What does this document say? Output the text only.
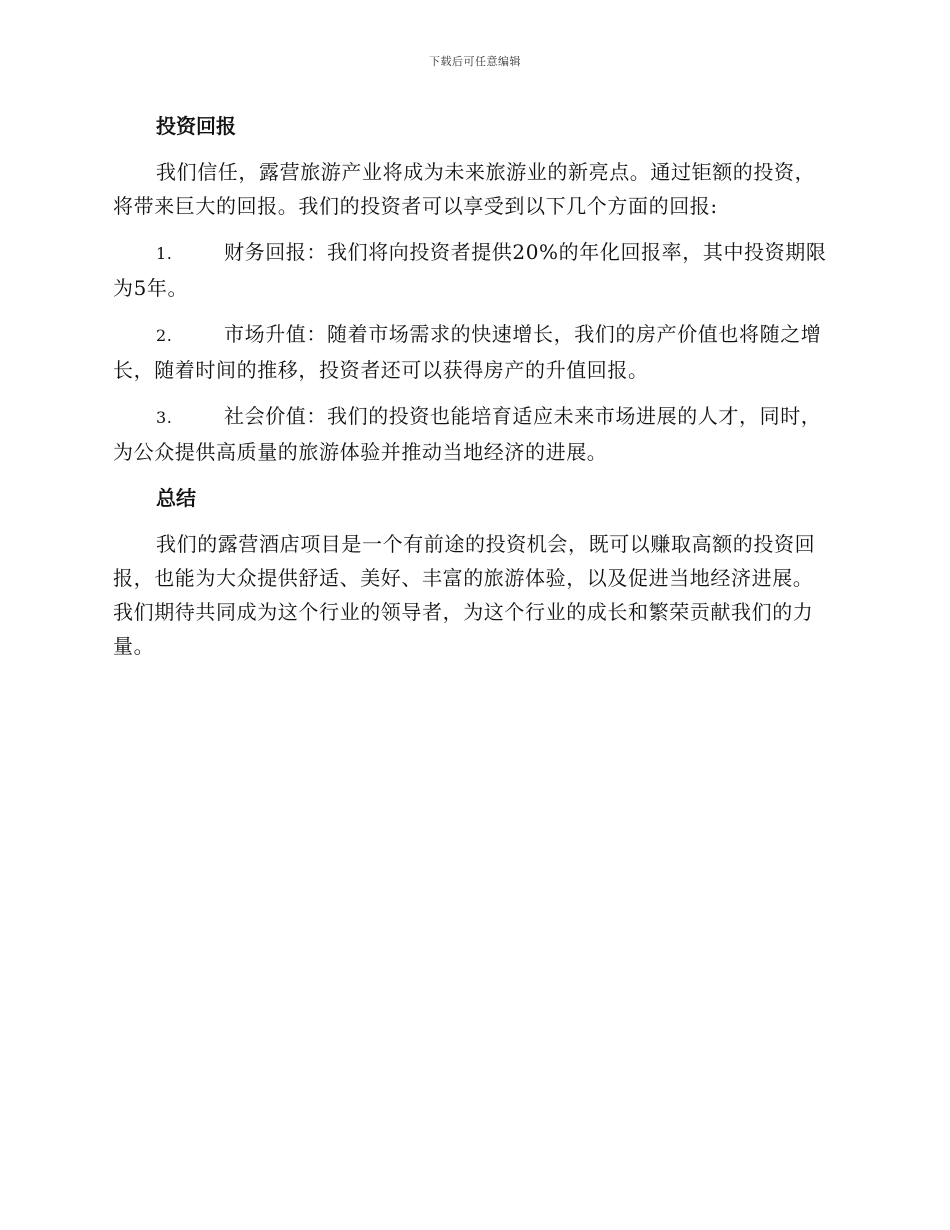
下载后可任意编辑
投资回报

我们信任，露营旅游产业将成为未来旅游业的新亮点。通过钜额的投资，将带来巨大的回报。我们的投资者可以享受到以下几个方面的回报:

1.	财务回报：我们将向投资者提供20%的年化回报率，其中投资期限为5年。

2.	市场升值：随着市场需求的快速增长，我们的房产价值也将随之增长，随着时间的推移，投资者还可以获得房产的升值回报。

3.	社会价值：我们的投资也能培育适应未来市场进展的人才，同时，为公众提供高质量的旅游体验并推动当地经济的进展。

总结

我们的露营酒店项目是一个有前途的投资机会，既可以赚取高额的投资回报，也能为大众提供舒适、美好、丰富的旅游体验，以及促进当地经济进展。我们期待共同成为这个行业的领导者，为这个行业的成长和繁荣贡献我们的力量。
